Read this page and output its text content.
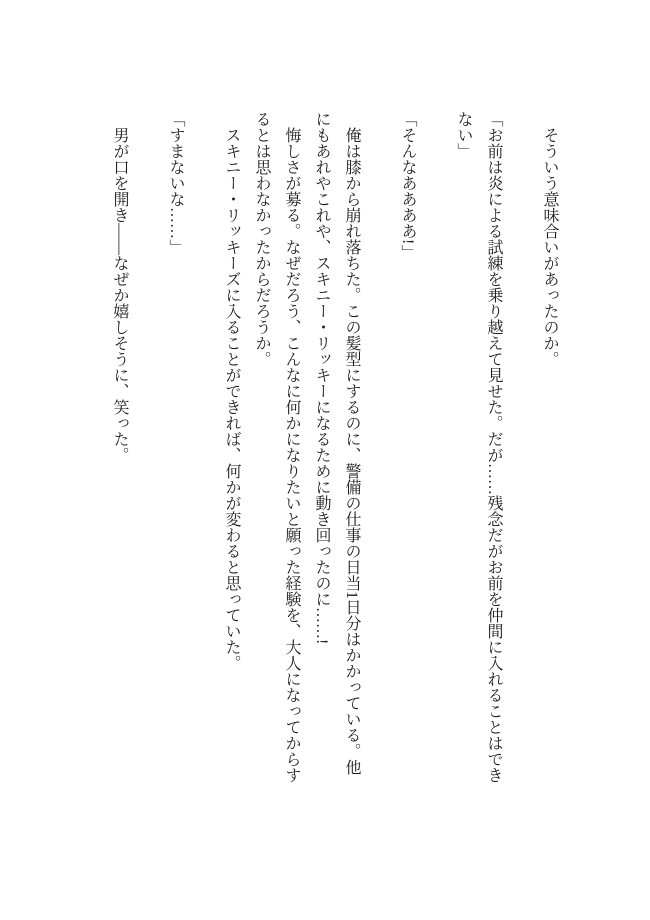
そういう意味合いがあったのか。

「お前は炎による試練を乗り越えて見せた。だが……残念だがお前を仲間に入れることはできない」

「そんなああああ!」

俺は膝から崩れ落ちた。この髪型にするのに、警備の仕事の日当1日分はかかっている。他にもあれやこれや、スキニー・リッキーになるために動き回ったのに……!

悔しさが募る。なぜだろう、こんなに何かになりたいと願った経験を、大人になってからするとは思わなかったからだろうか。

スキニー・リッキーズに入ることができれば、何かが変わると思っていた。

「すまないな……」

男が口を開き――なぜか嬉しそうに、笑った。
